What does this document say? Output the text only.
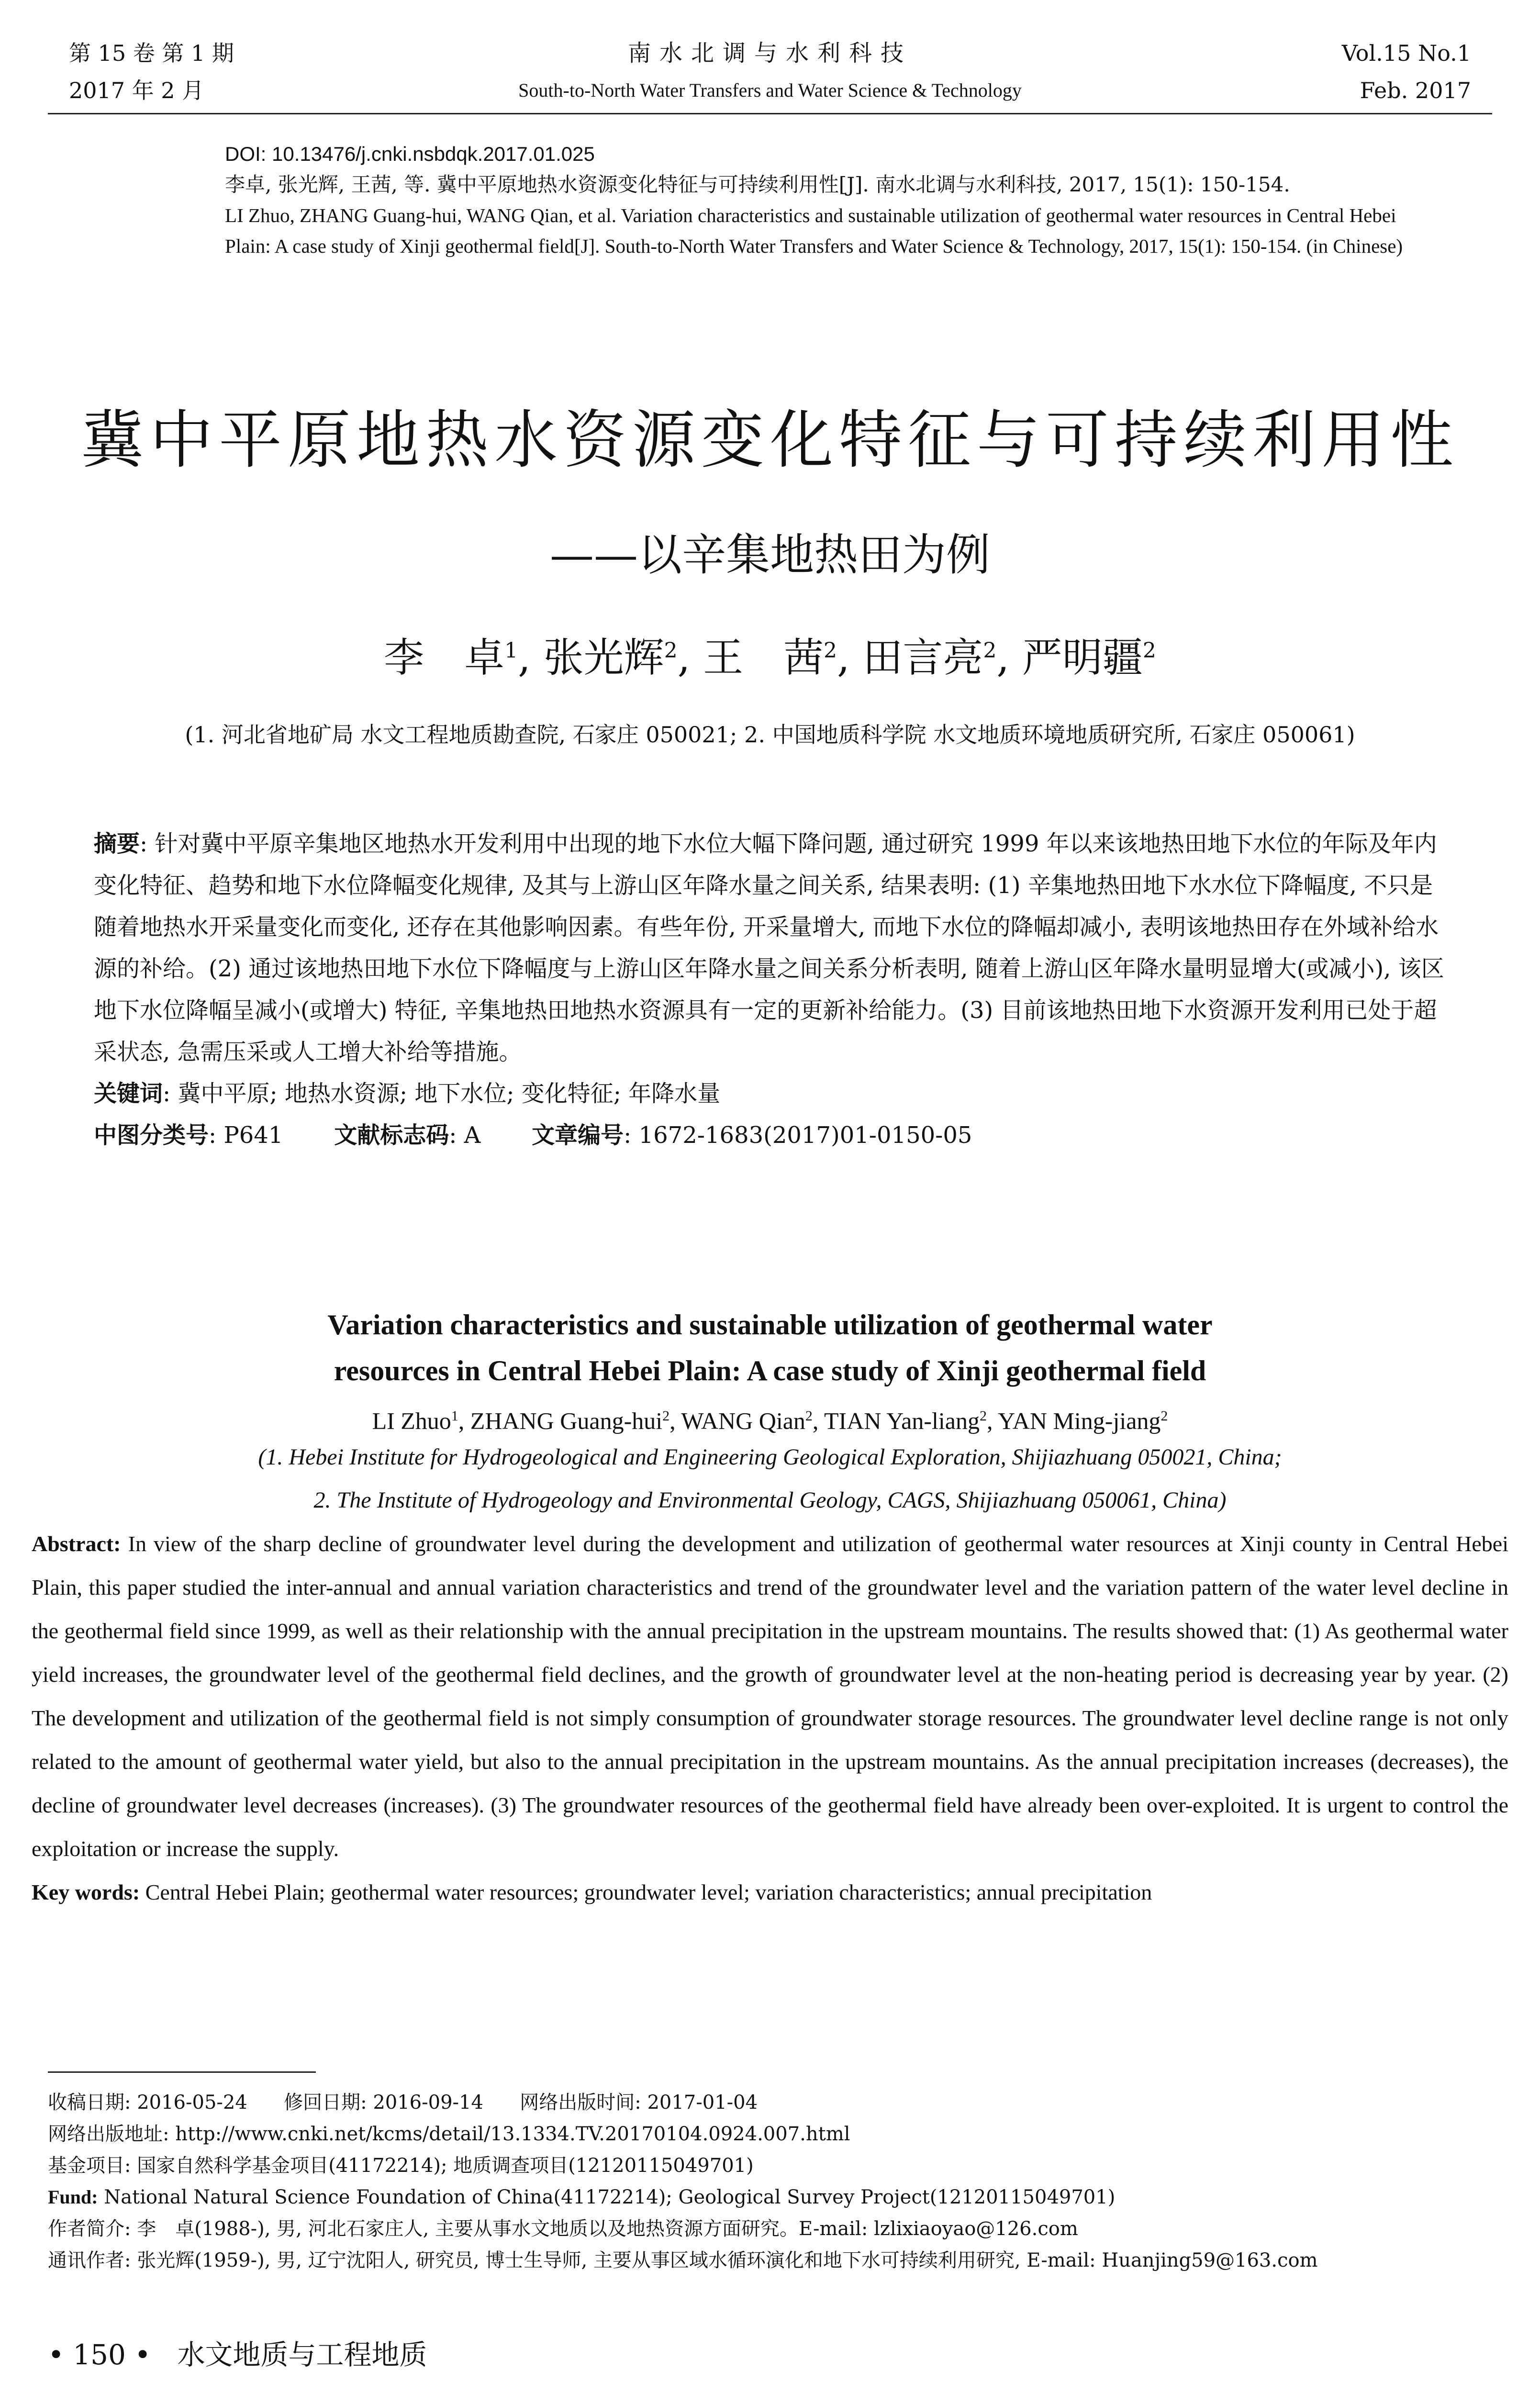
第 15 卷 第 1 期
2017 年 2 月
南水北调与水利科技
South-to-North Water Transfers and Water Science & Technology
Vol.15 No.1
Feb. 2017

DOI: 10.13476/j.cnki.nsbdqk.2017.01.025

李卓, 张光辉, 王茜, 等. 冀中平原地热水资源变化特征与可持续利用性[J]. 南水北调与水利科技, 2017, 15(1): 150-154.

LI Zhuo, ZHANG Guang-hui, WANG Qian, et al. Variation characteristics and sustainable utilization of geothermal water resources in Central Hebei Plain: A case study of Xinji geothermal field[J]. South-to-North Water Transfers and Water Science & Technology, 2017, 15(1): 150-154. (in Chinese)

冀中平原地热水资源变化特征与可持续利用性
——以辛集地热田为例
李　卓$^1$, 张光辉$^2$, 王　茜$^2$, 田言亮$^2$, 严明疆$^2$
(1. 河北省地矿局 水文工程地质勘查院, 石家庄 050021; 2. 中国地质科学院 水文地质环境地质研究所, 石家庄 050061)

摘要: 针对冀中平原辛集地区地热水开发利用中出现的地下水位大幅下降问题, 通过研究 1999 年以来该地热田地下水位的年际及年内变化特征、趋势和地下水位降幅变化规律, 及其与上游山区年降水量之间关系, 结果表明: (1) 辛集地热田地下水水位下降幅度, 不只是随着地热水开采量变化而变化, 还存在其他影响因素。有些年份, 开采量增大, 而地下水位的降幅却减小, 表明该地热田存在外域补给水源的补给。(2) 通过该地热田地下水位下降幅度与上游山区年降水量之间关系分析表明, 随着上游山区年降水量明显增大(或减小), 该区地下水位降幅呈减小(或增大) 特征, 辛集地热田地热水资源具有一定的更新补给能力。(3) 目前该地热田地下水资源开发利用已处于超采状态, 急需压采或人工增大补给等措施。

关键词: 冀中平原; 地热水资源; 地下水位; 变化特征; 年降水量

中图分类号: P641 文献标志码: A 文章编号: 1672-1683(2017)01-0150-05

Variation characteristics and sustainable utilization of geothermal water
resources in Central Hebei Plain: A case study of Xinji geothermal field
LI Zhuo$^1$, ZHANG Guang-hui$^2$, WANG Qian$^2$, TIAN Yan-liang$^2$, YAN Ming-jiang$^2$
(1. Hebei Institute for Hydrogeological and Engineering Geological Exploration, Shijiazhuang 050021, China;
2. The Institute of Hydrogeology and Environmental Geology, CAGS, Shijiazhuang 050061, China)

Abstract: In view of the sharp decline of groundwater level during the development and utilization of geothermal water resources at Xinji county in Central Hebei Plain, this paper studied the inter-annual and annual variation characteristics and trend of the groundwater level and the variation pattern of the water level decline in the geothermal field since 1999, as well as their relationship with the annual precipitation in the upstream mountains. The results showed that: (1) As geothermal water yield increases, the groundwater level of the geothermal field declines, and the growth of groundwater level at the non-heating period is decreasing year by year. (2) The development and utilization of the geothermal field is not simply consumption of groundwater storage resources. The groundwater level decline range is not only related to the amount of geothermal water yield, but also to the annual precipitation in the upstream mountains. As the annual precipitation increases (decreases), the decline of groundwater level decreases (increases). (3) The groundwater resources of the geothermal field have already been over-exploited. It is urgent to control the exploitation or increase the supply.

Key words: Central Hebei Plain; geothermal water resources; groundwater level; variation characteristics; annual precipitation

收稿日期: 2016-05-24 修回日期: 2016-09-14 网络出版时间: 2017-01-04

网络出版地址: http://www.cnki.net/kcms/detail/13.1334.TV.20170104.0924.007.html

基金项目: 国家自然科学基金项目(41172214); 地质调查项目(12120115049701)

Fund: National Natural Science Foundation of China(41172214); Geological Survey Project(12120115049701)

作者简介: 李　卓(1988-), 男, 河北石家庄人, 主要从事水文地质以及地热资源方面研究。E-mail: lzlixiaoyao@126.com

通讯作者: 张光辉(1959-), 男, 辽宁沈阳人, 研究员, 博士生导师, 主要从事区域水循环演化和地下水可持续利用研究, E-mail: Huanjing59@163.com

• 150 • 水文地质与工程地质
